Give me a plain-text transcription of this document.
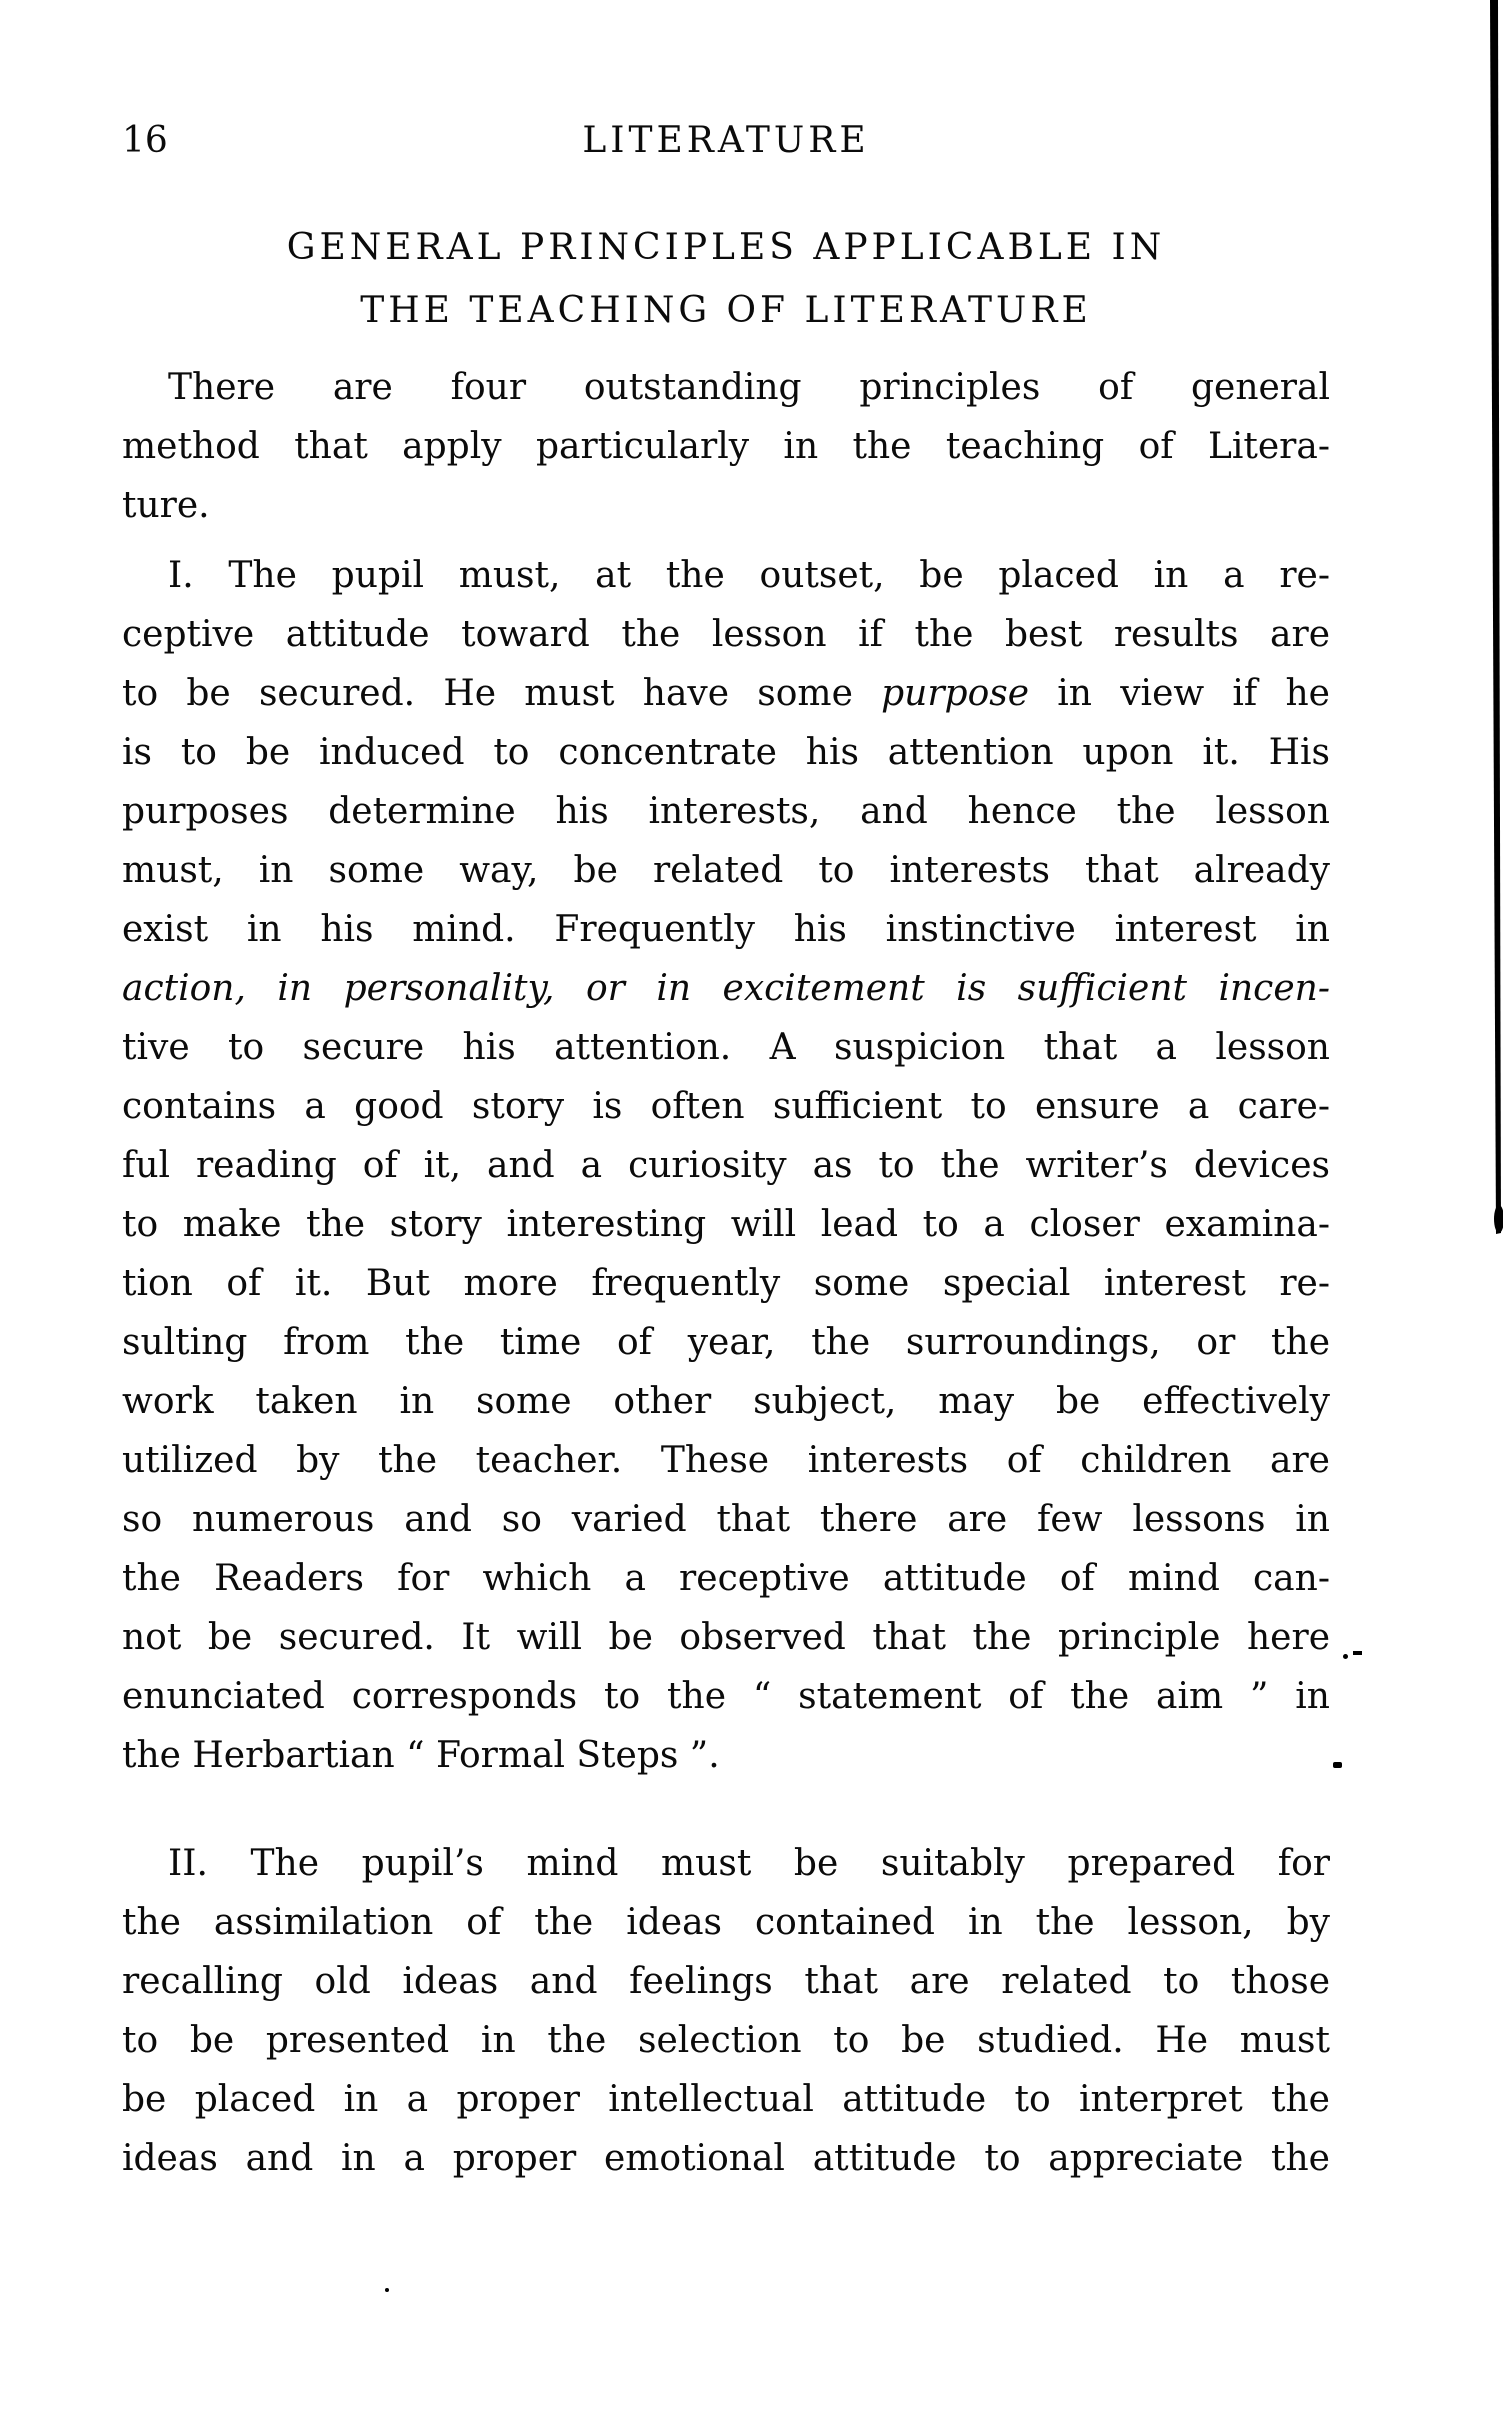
16	LITERATURE
GENERAL PRINCIPLES APPLICABLE IN
THE TEACHING OF LITERATURE
There are four outstanding principles of general
method that apply particularly in the teaching of Litera-
ture.
I. The pupil must, at the outset, be placed in a re-
ceptive attitude toward the lesson if the best results are
to be secured. He must have some purpose in view if he
is to be induced to concentrate his attention upon it. His
purposes determine his interests, and hence the lesson
must, in some way, be related to interests that already
exist in his mind. Frequently his instinctive interest in
action, in personality, or in excitement is sufficient incen-
tive to secure his attention. A suspicion that a lesson
contains a good story is often sufficient to ensure a care-
ful reading of it, and a curiosity as to the writer’s devices
to make the story interesting will lead to a closer examina-
tion of it. But more frequently some special interest re-
sulting from the time of year, the surroundings, or the
work taken in some other subject, may be effectively
utilized by the teacher. These interests of children are
so numerous and so varied that there are few lessons in
the Readers for which a receptive attitude of mind can-
not be secured. It will be observed that the principle here
enunciated corresponds to the “ statement of the aim ” in
the Herbartian “ Formal Steps ”.
II. The pupil’s mind must be suitably prepared for
the assimilation of the ideas contained in the lesson, by
recalling old ideas and feelings that are related to those
to be presented in the selection to be studied. He must
be placed in a proper intellectual attitude to interpret the
ideas and in a proper emotional attitude to appreciate the
